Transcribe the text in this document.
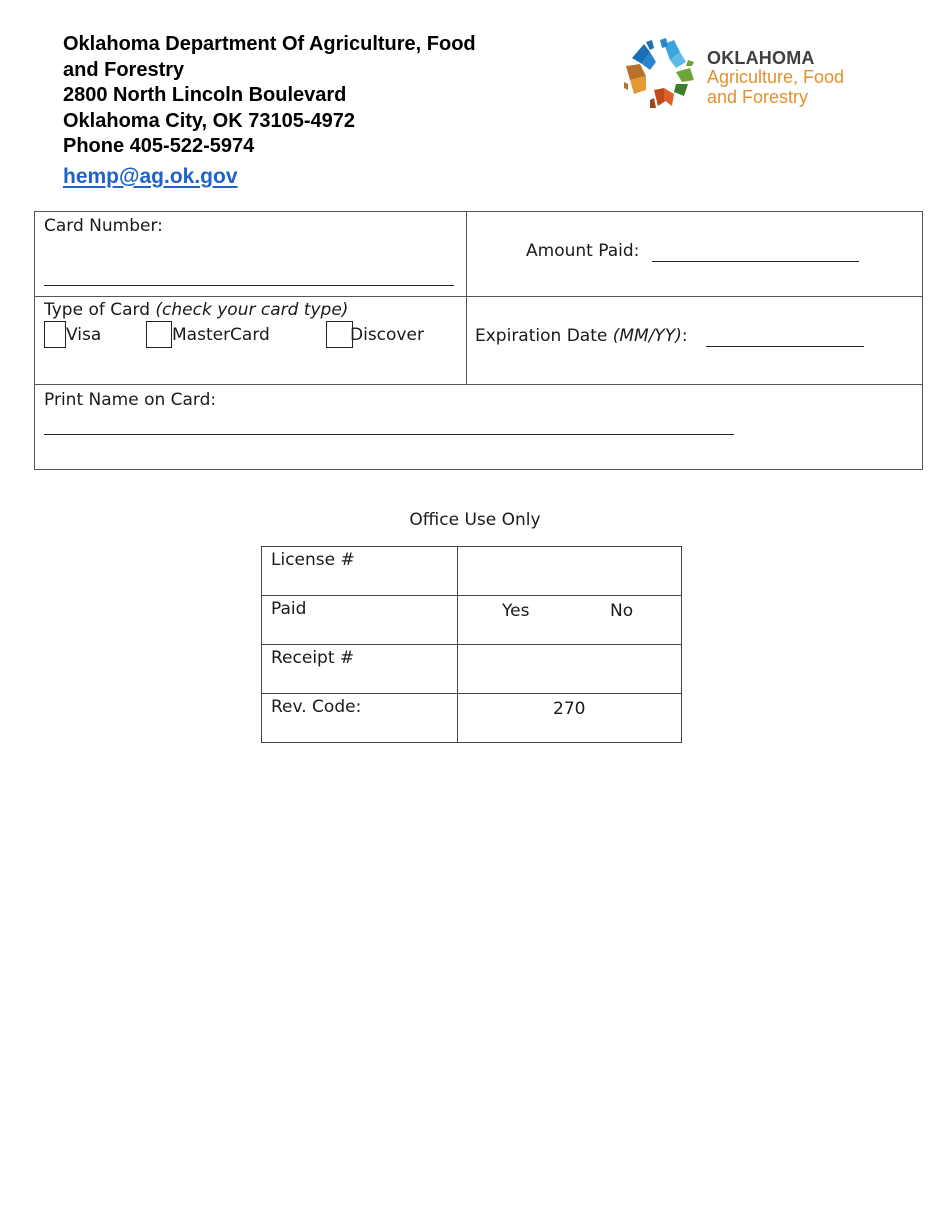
Oklahoma Department Of Agriculture, Food
and Forestry
2800 North Lincoln Boulevard
Oklahoma City, OK 73105-4972
Phone 405-522-5974
hemp@ag.ok.gov
OKLAHOMA
Agriculture, Food
and Forestry
Card Number:	Amount Paid:

Type of Card (check your card type)
Visa MasterCard Discover	Expiration Date (MM/YY):

Print Name on Card:	
Office Use Only
License #	
Paid	Yes No

Receipt #	
Rev. Code:	270
